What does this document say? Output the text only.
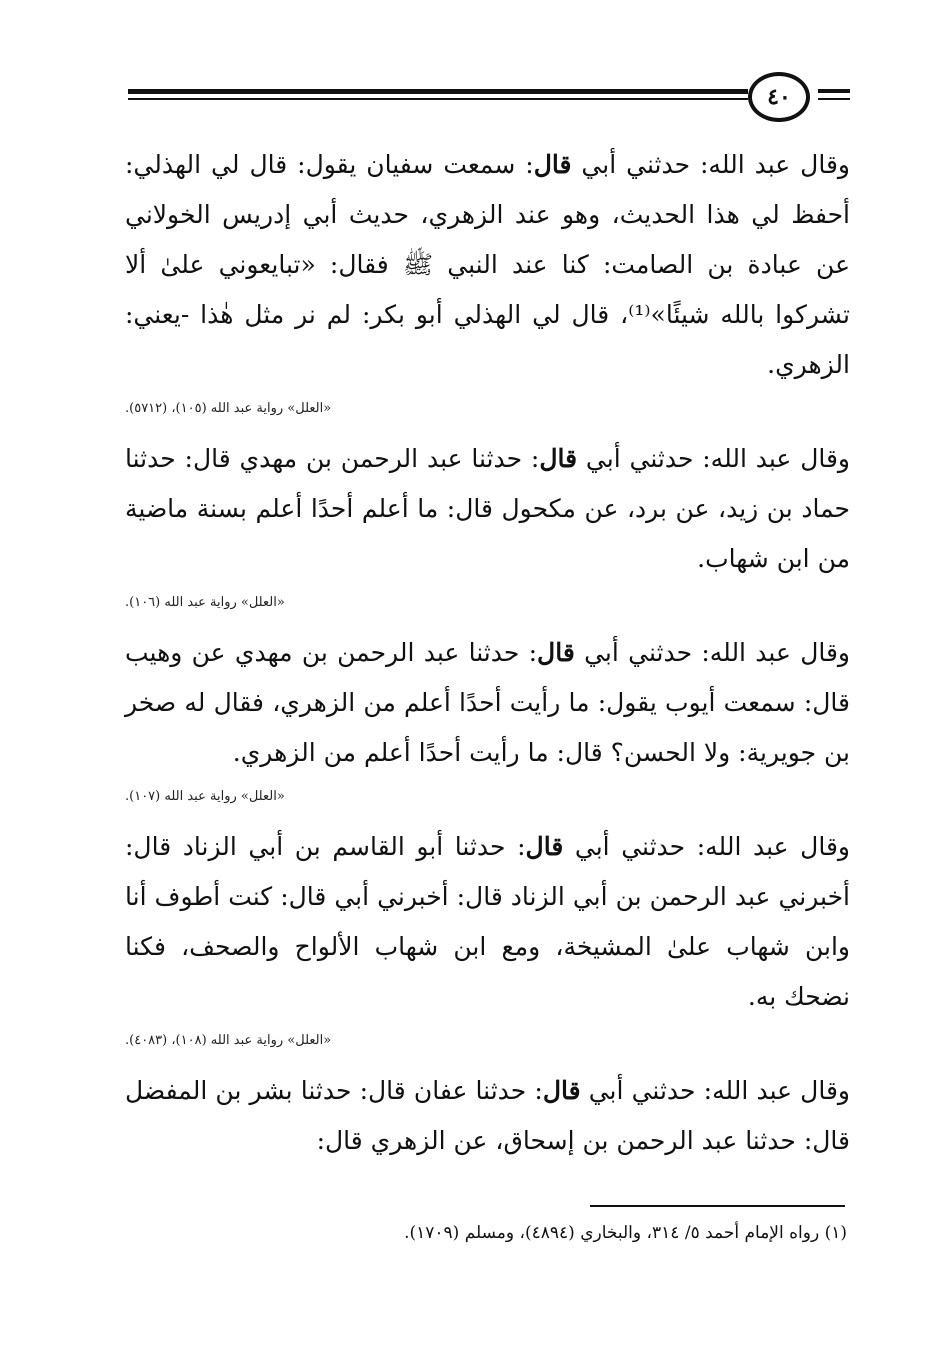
٤٠

وقال عبد الله: حدثني أبي قال: سمعت سفيان يقول: قال لي الهذلي: أحفظ لي هذا الحديث، وهو عند الزهري، حديث أبي إدريس الخولاني عن عبادة بن الصامت: كنا عند النبي ﷺ فقال: «تبايعوني علىٰ ألا تشركوا بالله شيئًا»⁽¹⁾، قال لي الهذلي أبو بكر: لم نر مثل هٰذا -يعني: الزهري.

«العلل» رواية عبد الله (١٠٥)، (٥٧١٢).

وقال عبد الله: حدثني أبي قال: حدثنا عبد الرحمن بن مهدي قال: حدثنا حماد بن زيد، عن برد، عن مكحول قال: ما أعلم أحدًا أعلم بسنة ماضية من ابن شهاب.

«العلل» رواية عبد الله (١٠٦).

وقال عبد الله: حدثني أبي قال: حدثنا عبد الرحمن بن مهدي عن وهيب قال: سمعت أيوب يقول: ما رأيت أحدًا أعلم من الزهري، فقال له صخر بن جويرية: ولا الحسن؟ قال: ما رأيت أحدًا أعلم من الزهري.

«العلل» رواية عبد الله (١٠٧).

وقال عبد الله: حدثني أبي قال: حدثنا أبو القاسم بن أبي الزناد قال: أخبرني عبد الرحمن بن أبي الزناد قال: أخبرني أبي قال: كنت أطوف أنا وابن شهاب علىٰ المشيخة، ومع ابن شهاب الألواح والصحف، فكنا نضحك به.

«العلل» رواية عبد الله (١٠٨)، (٤٠٨٣).

وقال عبد الله: حدثني أبي قال: حدثنا عفان قال: حدثنا بشر بن المفضل قال: حدثنا عبد الرحمن بن إسحاق، عن الزهري قال:

(١) رواه الإمام أحمد ٥/ ٣١٤، والبخاري (٤٨٩٤)، ومسلم (١٧٠٩).
